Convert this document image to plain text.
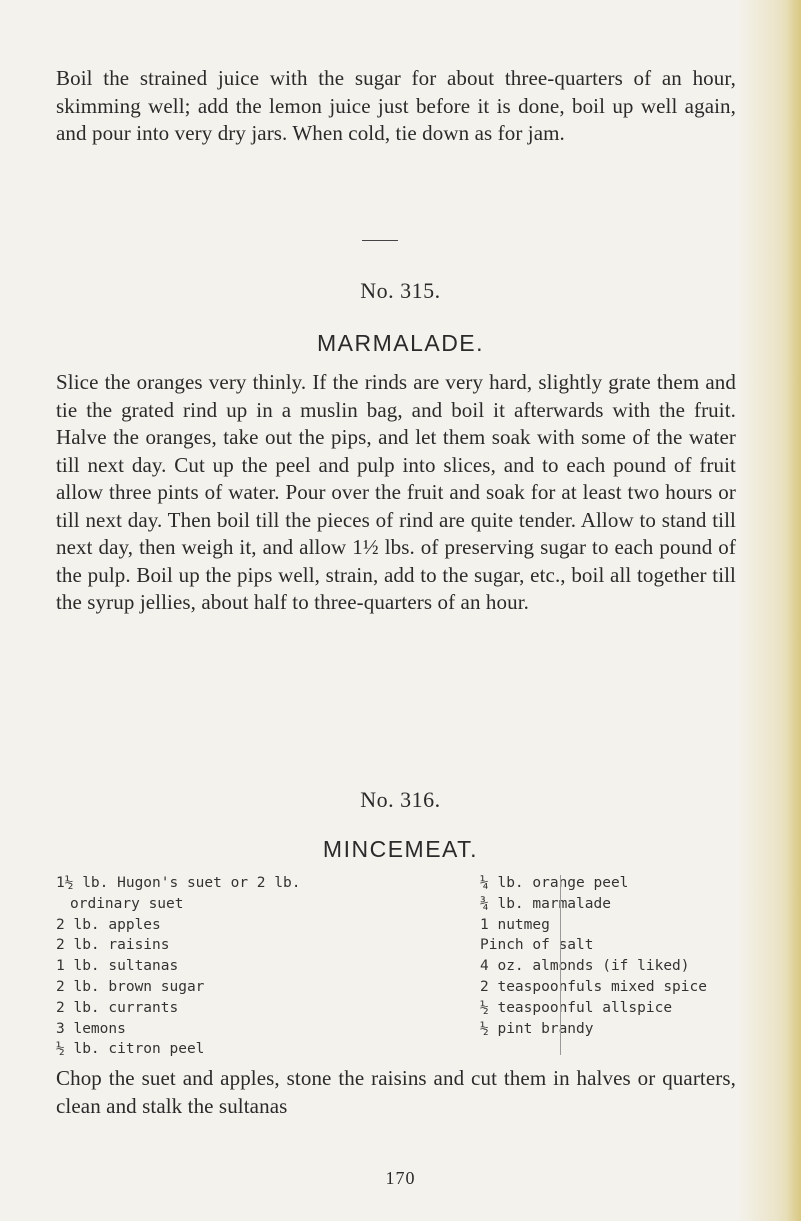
Boil the strained juice with the sugar for about three-quarters of an hour, skimming well; add the lemon juice just before it is done, boil up well again, and pour into very dry jars. When cold, tie down as for jam.

No. 315.

MARMALADE.

Slice the oranges very thinly. If the rinds are very hard, slightly grate them and tie the grated rind up in a muslin bag, and boil it afterwards with the fruit. Halve the oranges, take out the pips, and let them soak with some of the water till next day. Cut up the peel and pulp into slices, and to each pound of fruit allow three pints of water. Pour over the fruit and soak for at least two hours or till next day. Then boil till the pieces of rind are quite tender. Allow to stand till next day, then weigh it, and allow 1½ lbs. of preserving sugar to each pound of the pulp. Boil up the pips well, strain, add to the sugar, etc., boil all together till the syrup jellies, about half to three-quarters of an hour.

No. 316.

MINCEMEAT.
1½ lb. Hugon's suet or 2 lb.
ordinary suet
2 lb. apples
2 lb. raisins
1 lb. sultanas
2 lb. brown sugar
2 lb. currants
3 lemons
½ lb. citron peel
¼ lb. orange peel
¾ lb. marmalade
1 nutmeg
Pinch of salt
4 oz. almonds (if liked)
2 teaspoonfuls mixed spice
½ teaspoonful allspice
½ pint brandy

Chop the suet and apples, stone the raisins and cut them in halves or quarters, clean and stalk the sultanas

170
